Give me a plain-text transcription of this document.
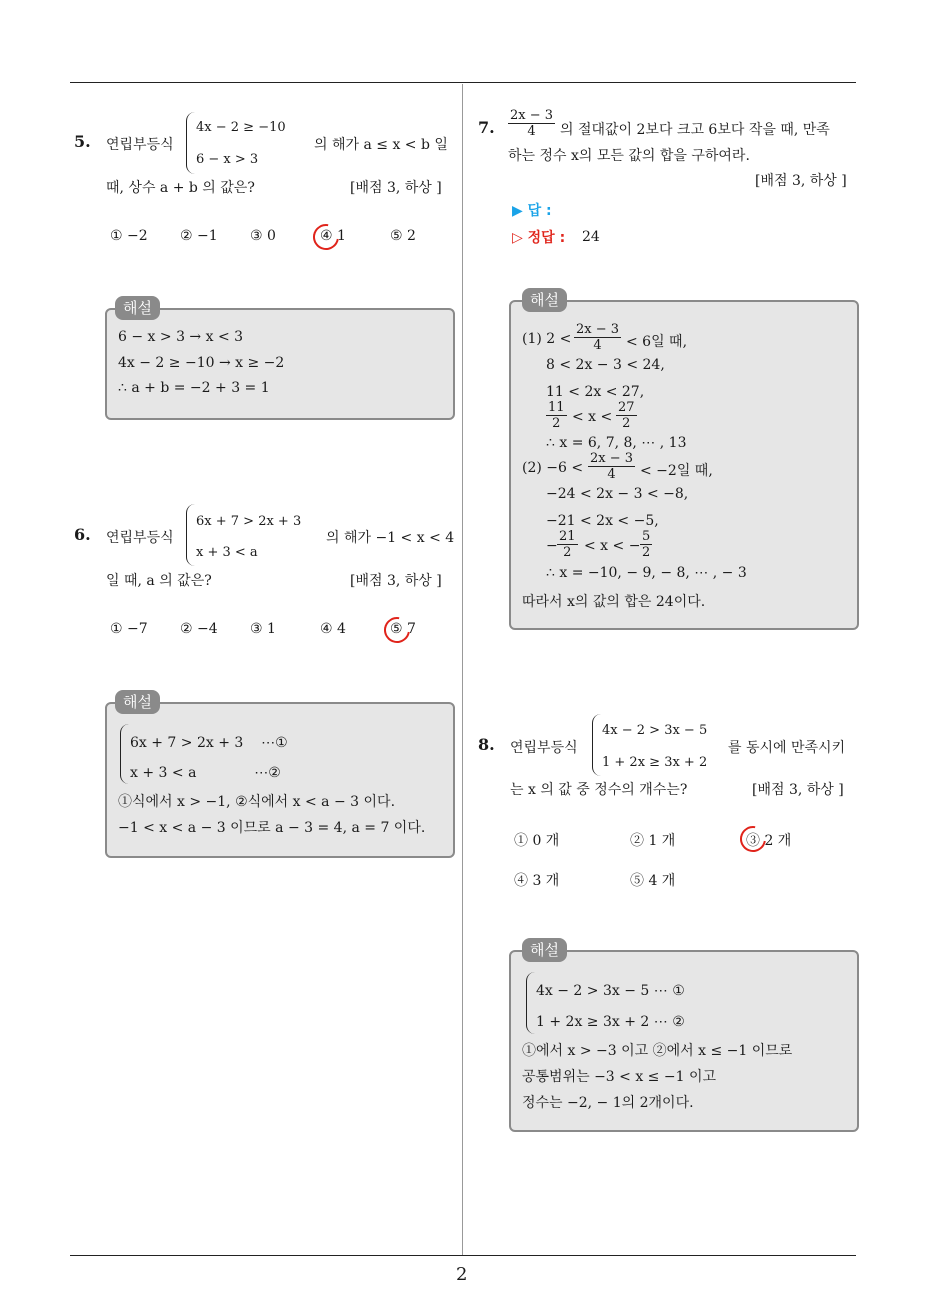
2
5. 연립부등식
4x − 2 ≥ −10
6 − x > 3
의 해가 a ≤ x < b 일
때, 상수 a + b 의 값은?	[배점 3, 하상 ]
① −2 ② −1 ③ 0	④ 1	⑤ 2
해설
6 − x > 3 → x < 3
4x − 2 ≥ −10 → x ≥ −2
∴ a + b = −2 + 3 = 1
6. 연립부등식
6x + 7 > 2x + 3
x + 3 < a
의 해가 −1 < x < 4
일 때, a 의 값은?	[배점 3, 하상 ]
① −7 ② −4 ③ 1	④ 4	⑤ 7
해설
6x + 7 > 2x + 3    ⋯①
x + 3 < a             ⋯②
①식에서 x > −1, ②식에서 x < a − 3 이다.
−1 < x < a − 3 이므로 a − 3 = 4, a = 7 이다.
7. $\frac{2x - 3}{4}$ 의 절대값이 2보다 크고 6보다 작을 때, 만족
하는 정수 x의 모든 값의 합을 구하여라.
[배점 3, 하상 ]
▶ 답 :
▷ 정답 : 24
해설
(1) $2 < \frac{2x - 3}{4} < 6$일 때,
8 < 2x − 3 < 24,
11 < 2x < 27,
$\frac{11}{2} < x < \frac{27}{2}$
∴ x = 6, 7, 8, ⋯ , 13
$(2) -6 < \frac{2x - 3}{4} < -2$일 때,
−24 < 2x − 3 < −8,
−21 < 2x < −5,
− $\frac{21}{2} < x$ < − $\frac{5}{2}$
∴ x = −10, − 9, − 8, ⋯ , − 3
따라서 x의 값의 합은 24이다.
8. 연립부등식
4x − 2 > 3x − 5
1 + 2x ≥ 3x + 2
를 동시에 만족시키
는 x 의 값 중 정수의 개수는?	[배점 3, 하상 ]
① 0 개	② 1 개	③ 2 개
④ 3 개	⑤ 4 개
해설
4x − 2 > 3x − 5 ⋯ ①
1 + 2x ≥ 3x + 2 ⋯ ②
①에서 x > −3 이고 ②에서 x ≤ −1 이므로
공통범위는 −3 < x ≤ −1 이고
정수는 −2, − 1의 2개이다.
